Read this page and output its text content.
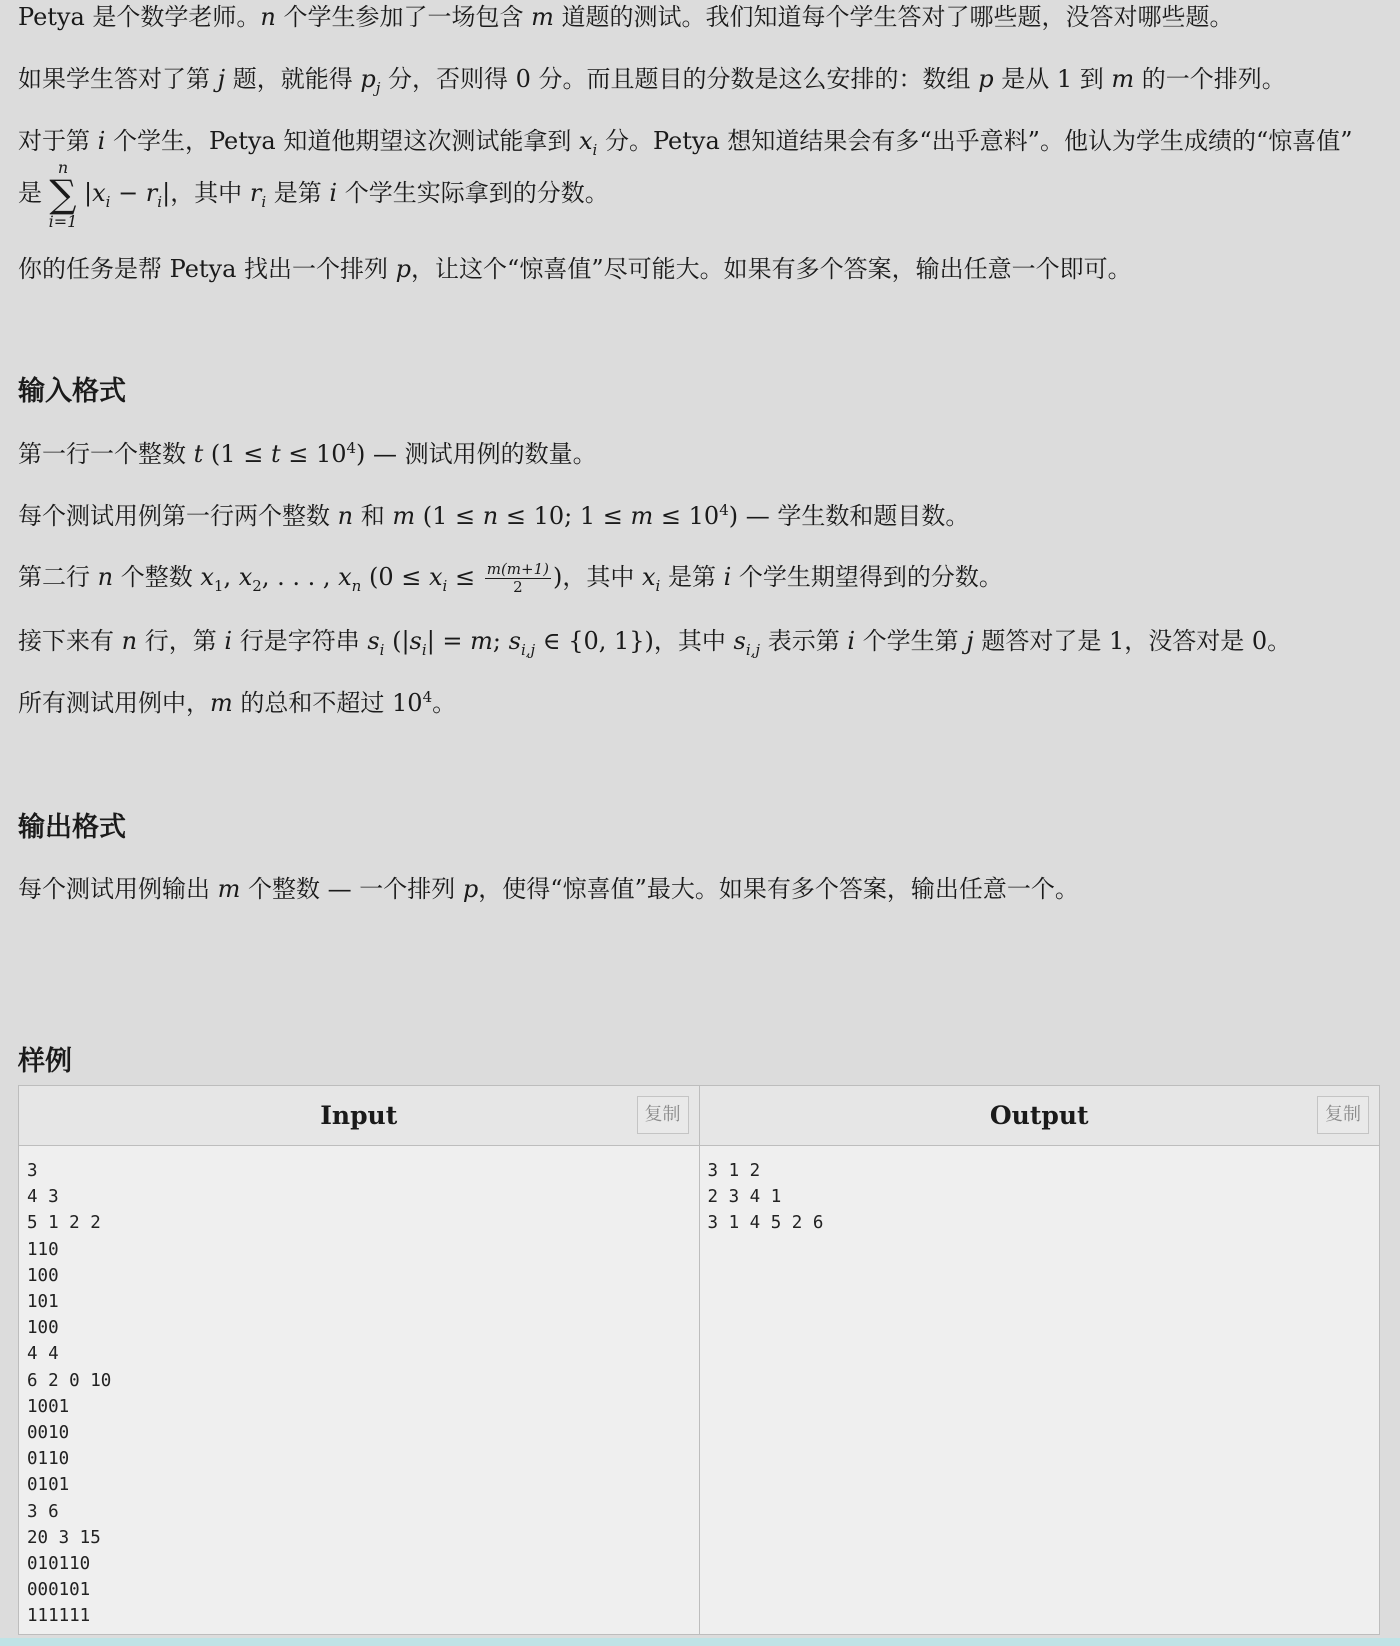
Petya 是个数学老师。n 个学生参加了一场包含 m 道题的测试。我们知道每个学生答对了哪些题，没答对哪些题。

如果学生答对了第 j 题，就能得 $p_j$ 分，否则得 0 分。而且题目的分数是这么安排的：数组 p 是从 1 到 m 的一个排列。

对于第 i 个学生，Petya 知道他期望这次测试能拿到 $x_i$ 分。Petya 想知道结果会有多“出乎意料”。他认为学生成绩的“惊喜值”

是
n
∑
i=1
$|x_i - r_i|$，其中 $r_i$ 是第 i 个学生实际拿到的分数。

你的任务是帮 Petya 找出一个排列 p，让这个“惊喜值”尽可能大。如果有多个答案，输出任意一个即可。

输入格式

第一行一个整数 t $(1 \le t \le 10^4)$ — 测试用例的数量。

每个测试用例第一行两个整数 n 和 m (1 ≤ n ≤ 10; $1 \le m \le 10^4$) — 学生数和题目数。

第二行 n 个整数 $x_1$, $x_2$, . . . , $x_n$ ($0 \le x_i \le \frac{m(m+1)}{2}$ )，其中 $x_i$ 是第 i 个学生期望得到的分数。

接下来有 n 行，第 i 行是字符串 $s_i$ ($|s_i| = m$; $s_{i,j}$ ∈ {0, 1})，其中 $s_{i,j}$ 表示第 i 个学生第 j 题答对了是 1，没答对是 0。

所有测试用例中，m 的总和不超过 $10^4$。

输出格式

每个测试用例输出 m 个整数 — 一个排列 p，使得“惊喜值”最大。如果有多个答案，输出任意一个。

样例
Input	复制
3
4 3
5 1 2 2
110
100
101
100
4 4
6 2 0 10
1001
0010
0110
0101
3 6
20 3 15
010110
000101
111111
Output	复制
3 1 2
2 3 4 1
3 1 4 5 2 6
